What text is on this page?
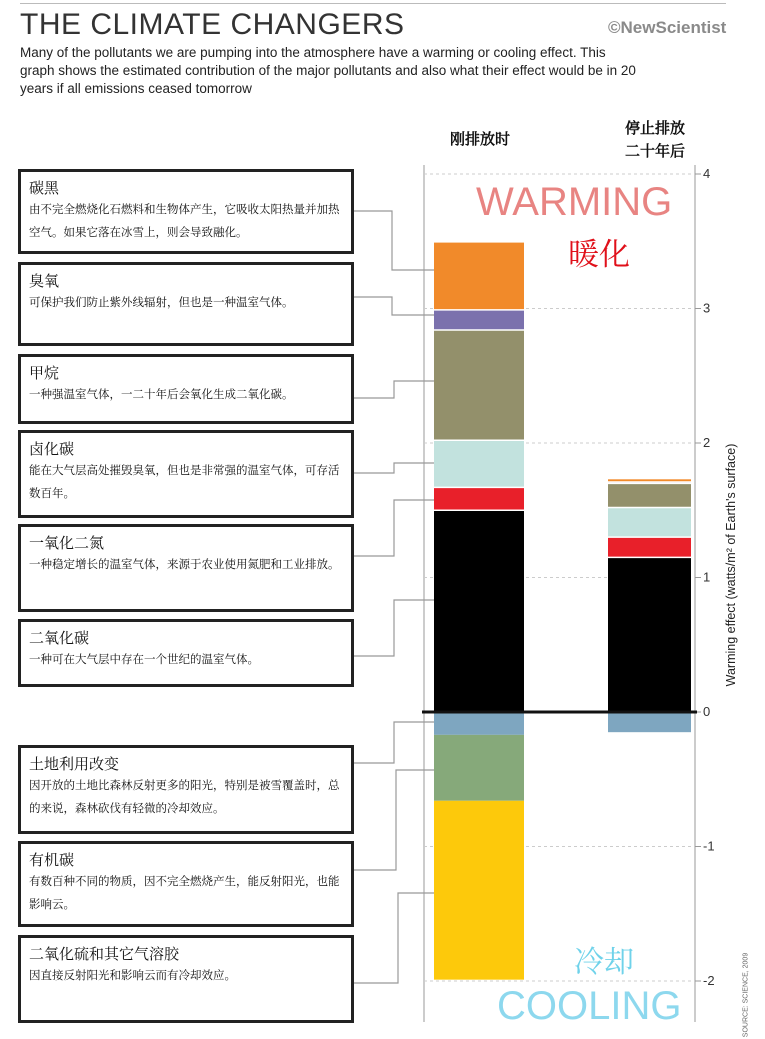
THE CLIMATE CHANGERS	©NewScientist
Many of the pollutants we are pumping into the atmosphere have a warming or cooling effect. This graph shows the estimated contribution of the major pollutants and also what their effect would be in 20 years if all emissions ceased tomorrow
刚排放时
停止排放
二十年后
4
3
2
1
0
-1
-2
WARMING
暖化
冷却
COOLING
Warming effect (watts/m² of Earth's surface)
SOURCE: SCIENCE, 2009
碳黑
由不完全燃烧化石燃料和生物体产生，它吸收太阳热量并加热空气。如果它落在冰雪上，则会导致融化。
臭氧
可保护我们防止紫外线辐射，但也是一种温室气体。
甲烷
一种强温室气体，一二十年后会氧化生成二氧化碳。
卤化碳
能在大气层高处摧毁臭氧，但也是非常强的温室气体，可存活数百年。
一氧化二氮
一种稳定增长的温室气体，来源于农业使用氮肥和工业排放。
二氧化碳
一种可在大气层中存在一个世纪的温室气体。
土地利用改变
因开放的土地比森林反射更多的阳光，特别是被雪覆盖时，总的来说，森林砍伐有轻微的冷却效应。
有机碳
有数百种不同的物质，因不完全燃烧产生，能反射阳光，也能影响云。
二氧化硫和其它气溶胶
因直接反射阳光和影响云而有冷却效应。
